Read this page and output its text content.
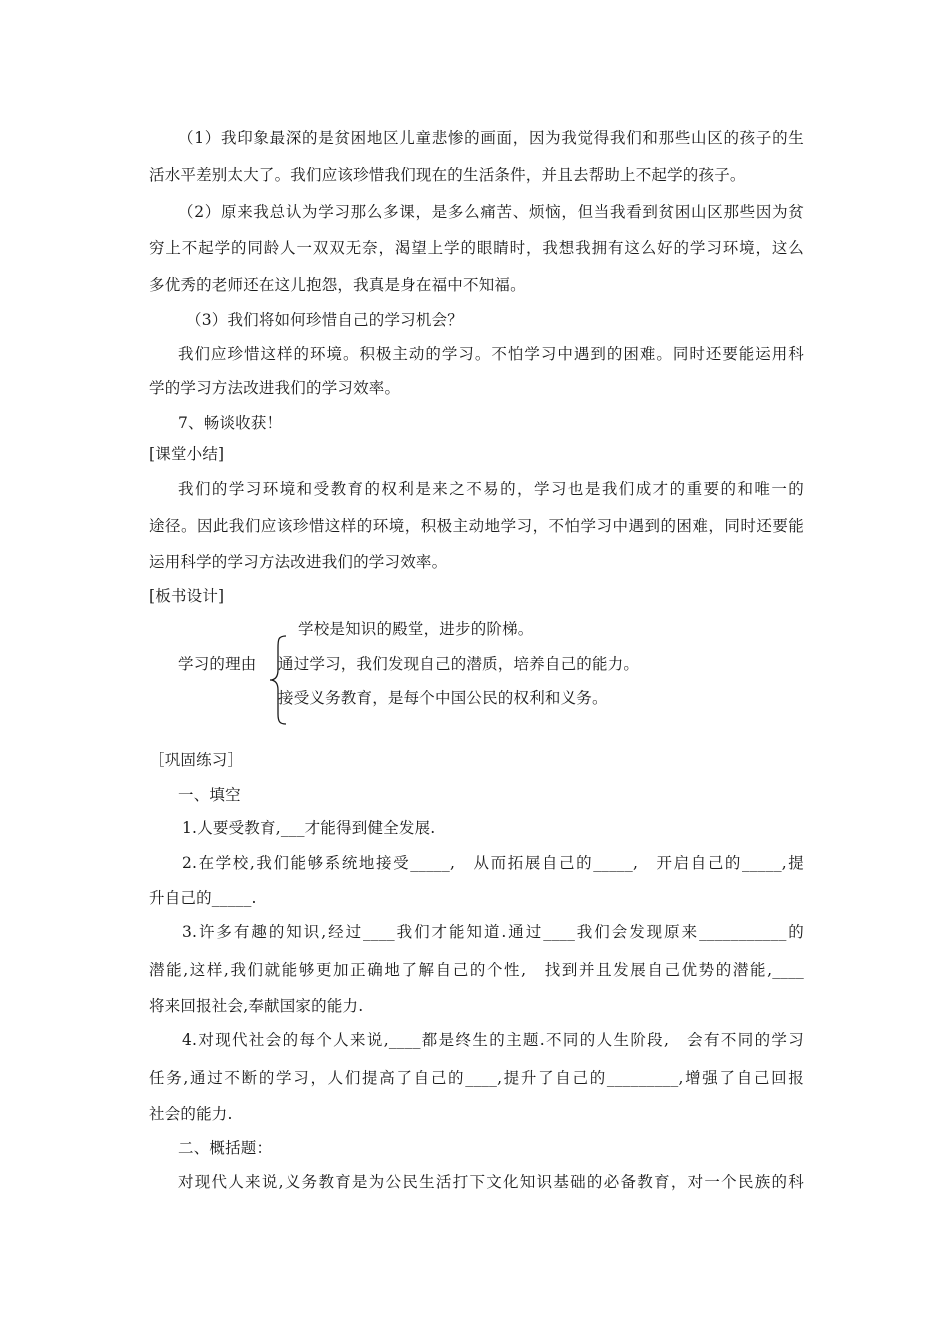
（1）我印象最深的是贫困地区儿童悲惨的画面，因为我觉得我们和那些山区的孩子的生
活水平差别太大了。我们应该珍惜我们现在的生活条件，并且去帮助上不起学的孩子。
（2）原来我总认为学习那么多课，是多么痛苦、烦恼，但当我看到贫困山区那些因为贫
穷上不起学的同龄人一双双无奈，渴望上学的眼睛时，我想我拥有这么好的学习环境，这么
多优秀的老师还在这儿抱怨，我真是身在福中不知福。
（3）我们将如何珍惜自己的学习机会？
我们应珍惜这样的环境。积极主动的学习。不怕学习中遇到的困难。同时还要能运用科
学的学习方法改进我们的学习效率。
7、畅谈收获！
[课堂小结]
我们的学习环境和受教育的权利是来之不易的，学习也是我们成才的重要的和唯一的
途径。因此我们应该珍惜这样的环境，积极主动地学习，不怕学习中遇到的困难，同时还要能
运用科学的学习方法改进我们的学习效率。
[板书设计]
学校是知识的殿堂，进步的阶梯。
学习的理由 通过学习，我们发现自己的潜质，培养自己的能力。
接受义务教育，是每个中国公民的权利和义务。
［巩固练习］
一、填空
1.人要受教育,___才能得到健全发展.
2.在学校,我们能够系统地接受_____,　从而拓展自己的_____,　开启自己的_____,提
升自己的_____.
3.许多有趣的知识,经过____我们才能知道.通过____我们会发现原来___________的
潜能,这样,我们就能够更加正确地了解自己的个性,　找到并且发展自己优势的潜能,____
将来回报社会,奉献国家的能力.
4.对现代社会的每个人来说,____都是终生的主题.不同的人生阶段,　会有不同的学习
任务,通过不断的学习，人们提高了自己的____,提升了自己的_________,增强了自己回报
社会的能力.
二、概括题：
对现代人来说,义务教育是为公民生活打下文化知识基础的必备教育，对一个民族的科
